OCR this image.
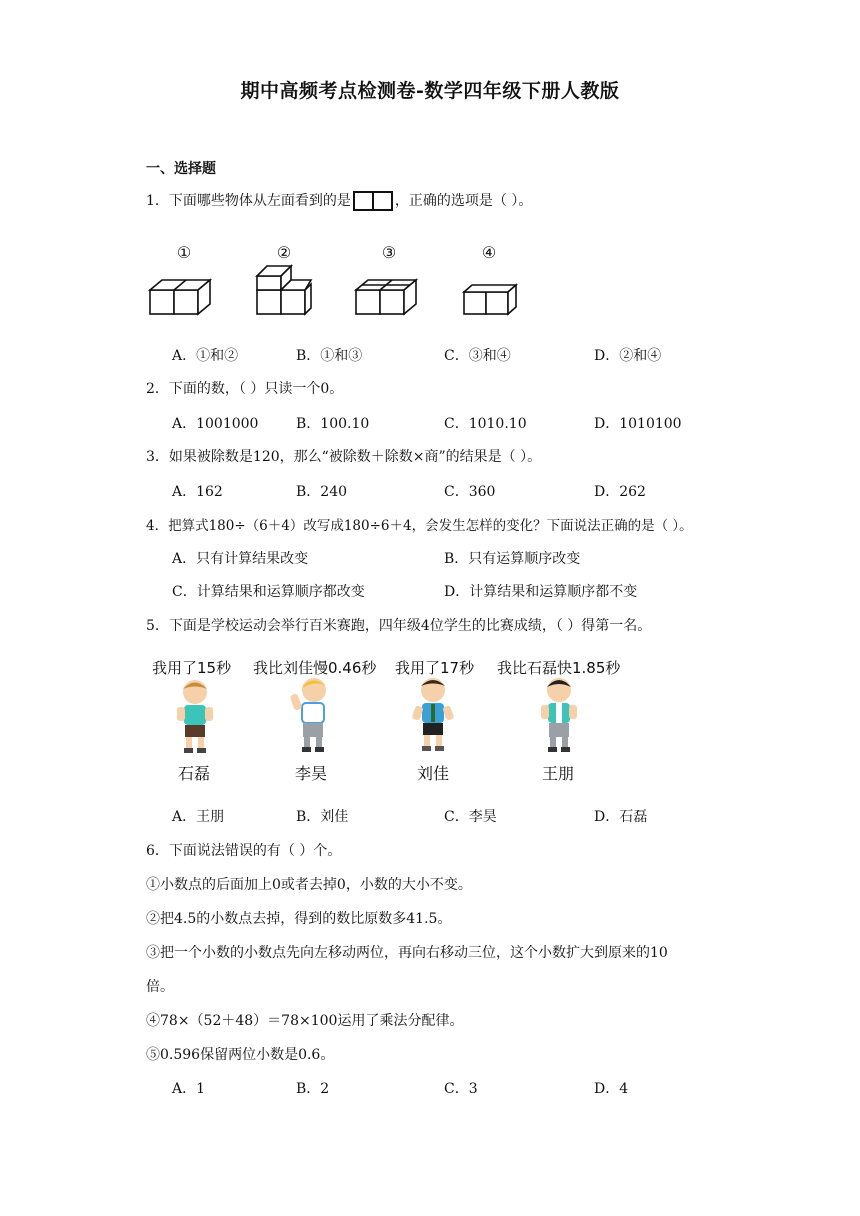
期中高频考点检测卷-数学四年级下册人教版
一、选择题
1．下面哪些物体从左面看到的是	，正确的选项是（ ）。
①	②	③	④
A．①和②	B．①和③	C．③和④	D．②和④
2．下面的数，（ ）只读一个0。
A．1001000	B．100.10	C．1010.10	D．1010100
3．如果被除数是120，那么“被除数＋除数×商”的结果是（ ）。
A．162	B．240	C．360	D．262
4．把算式180÷（6＋4）改写成180÷6＋4，会发生怎样的变化？下面说法正确的是（ ）。
A．只有计算结果改变	B．只有运算顺序改变
C．计算结果和运算顺序都改变	D．计算结果和运算顺序都不变
5．下面是学校运动会举行百米赛跑，四年级4位学生的比赛成绩，（ ）得第一名。
我用了15秒 我比刘佳慢0.46秒 我用了17秒 我比石磊快1.85秒
石磊	李昊	刘佳	王朋
A．王朋	B．刘佳	C．李昊	D．石磊
6．下面说法错误的有（ ）个。
①小数点的后面加上0或者去掉0，小数的大小不变。
②把4.5的小数点去掉，得到的数比原数多41.5。
③把一个小数的小数点先向左移动两位，再向右移动三位，这个小数扩大到原来的10
倍。
④78×（52＋48）＝78×100运用了乘法分配律。
⑤0.596保留两位小数是0.6。
A．1	B．2	C．3	D．4
